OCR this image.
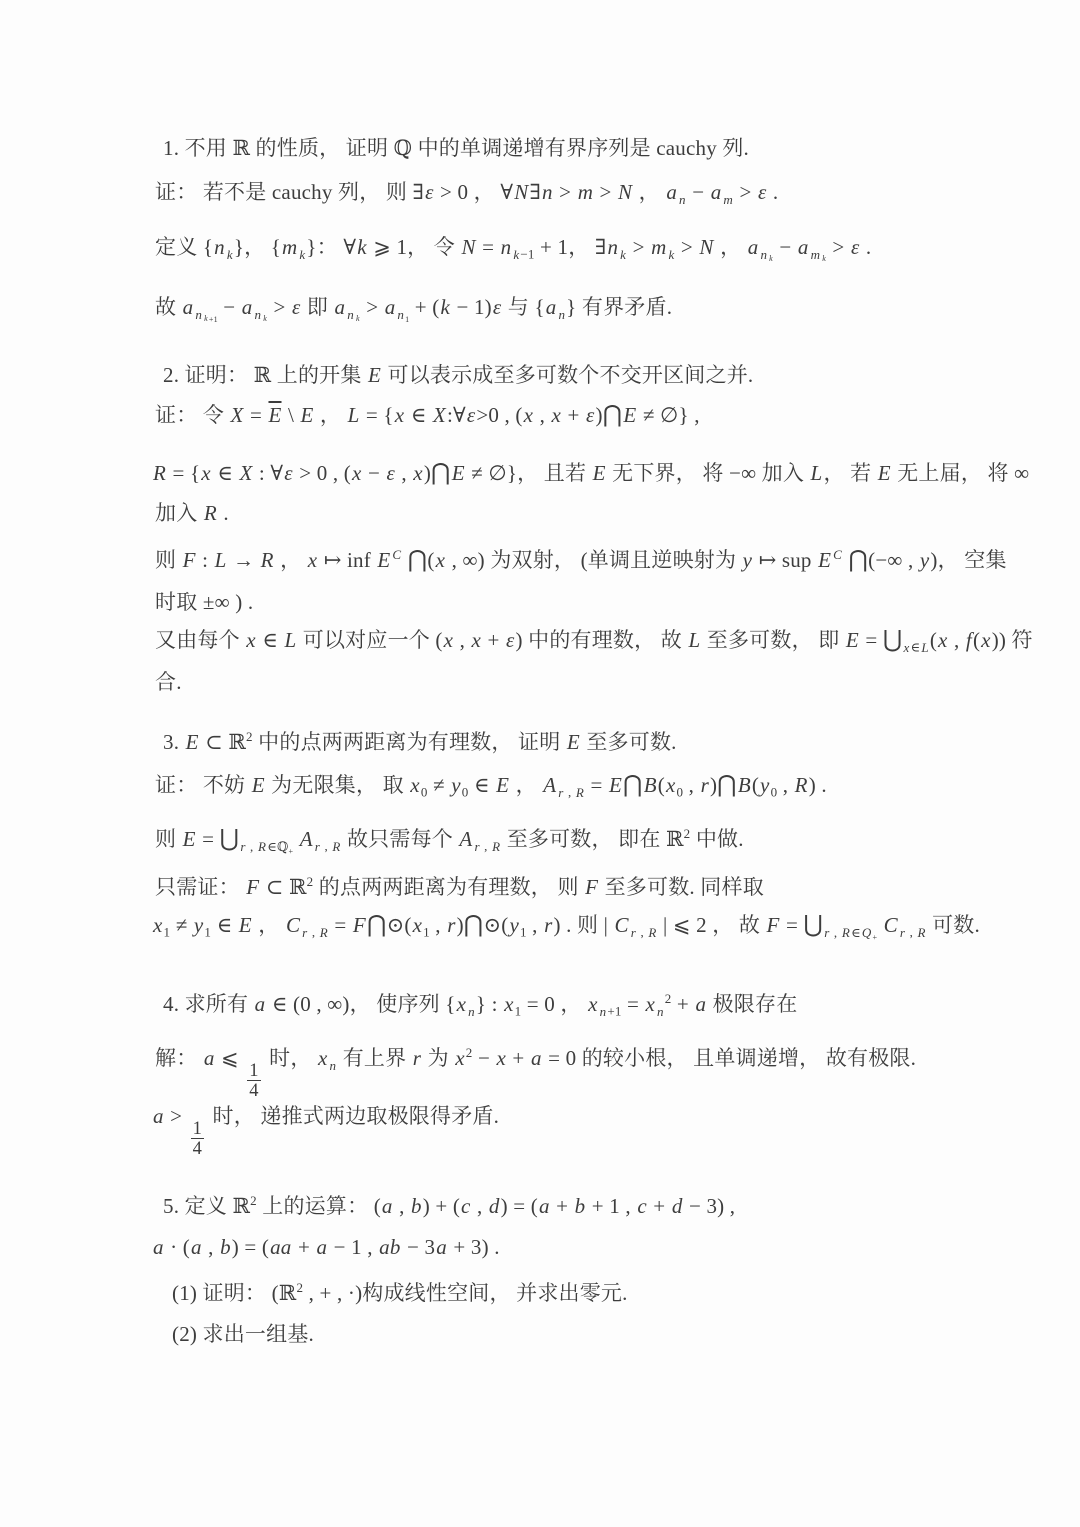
1. 不用 ℝ 的性质， 证明 ℚ 中的单调递增有界序列是 cauchy 列.
证： 若不是 cauchy 列， 则 ∃ε > 0 ， ∀N∃n > m > N ， a $_n$ − a $_m$ > ε .
定义 {n $_k$}， {m $_k$}： ∀k ⩾ 1， 令 N = n $_{k-1}$ + 1， ∃n $_k$ > m $_k$ > N ， a $_{n _k}$ − a $_{m _k}$ > ε .
故 a $_{n _{k+1}}$ − a $_{n _k}$ > ε 即 a $_{n _k}$ > a $_{n_1}$ + (k − 1)ε 与 {a $_n$} 有界矛盾.
2. 证明： ℝ 上的开集 E 可以表示成至多可数个不交开区间之并.
证： 令 $X = \overline{E}$ \ E ， L = {x ∈ X:∀ε>0 , (x , x + ε)⋂E ≠ ∅} ,
R = {x ∈ X : ∀ε > 0 , (x − ε , x)⋂E ≠ ∅}， 且若 E 无下界， 将 −∞ 加入 L， 若 E 无上届， 将 ∞
加入 R .
则 F : L → R ， x ↦ inf E $^C$ ⋂(x , ∞) 为双射， (单调且逆映射为 y ↦ sup E $^C$ ⋂(−∞ , y)， 空集
时取 ±∞ ) .
又由每个 x ∈ L 可以对应一个 (x , x + ε) 中的有理数， 故 L 至多可数， 即 $E = ⋃_{x\in L}(x$ , f(x)) 符
合.
3. E ⊂ ℝ$^2$ 中的点两两距离为有理数， 证明 E 至多可数.
证： 不妨 E 为无限集， 取 $x_0 \ne y_0$ ∈ E ， A $_{r , R} = E⋂B(x_0$ , $r)⋂B(y_0$ , R) .
则 $E = ⋃_{r , R\in ℚ_+}$ A $_{r , R}$ 故只需每个 A $_{r , R}$ 至多可数， 即在 ℝ$^2$ 中做.
只需证： F ⊂ ℝ$^2$ 的点两两距离为有理数， 则 F 至多可数. 同样取
$x_1 \ne y_1$ ∈ E ， C $_{r , R} = F⋂⊙(x_1$ , $r)⋂⊙(y_1$ , r) . 则 | C $_{r , R}$ | ⩽ 2 ， 故 $F = ⋃_{r , R\in Q_+}$ C $_{r , R}$ 可数.
4. 求所有 a ∈ (0 , ∞)， 使序列 {x $_n$} : $x_1 = 0$ ， x $_{n+1}$ = x $_n^2$ + a 极限存在
解： a ⩽
$\frac{1}{4}$
时， x $_n$ 有上界 r 为 $x^2 - x + a = 0$ 的较小根， 且单调递增， 故有极限.
a >
$\frac{1}{4}$
时， 递推式两边取极限得矛盾.
5. 定义 ℝ$^2$ 上的运算： (a , b) + (c , d) = (a + b + 1 , c + d − 3) ,
a · (a , b) = (aa + a − 1 , ab − 3a + 3) .
(1) 证明： (ℝ$^2$ , + , ·)构成线性空间， 并求出零元.
(2) 求出一组基.
